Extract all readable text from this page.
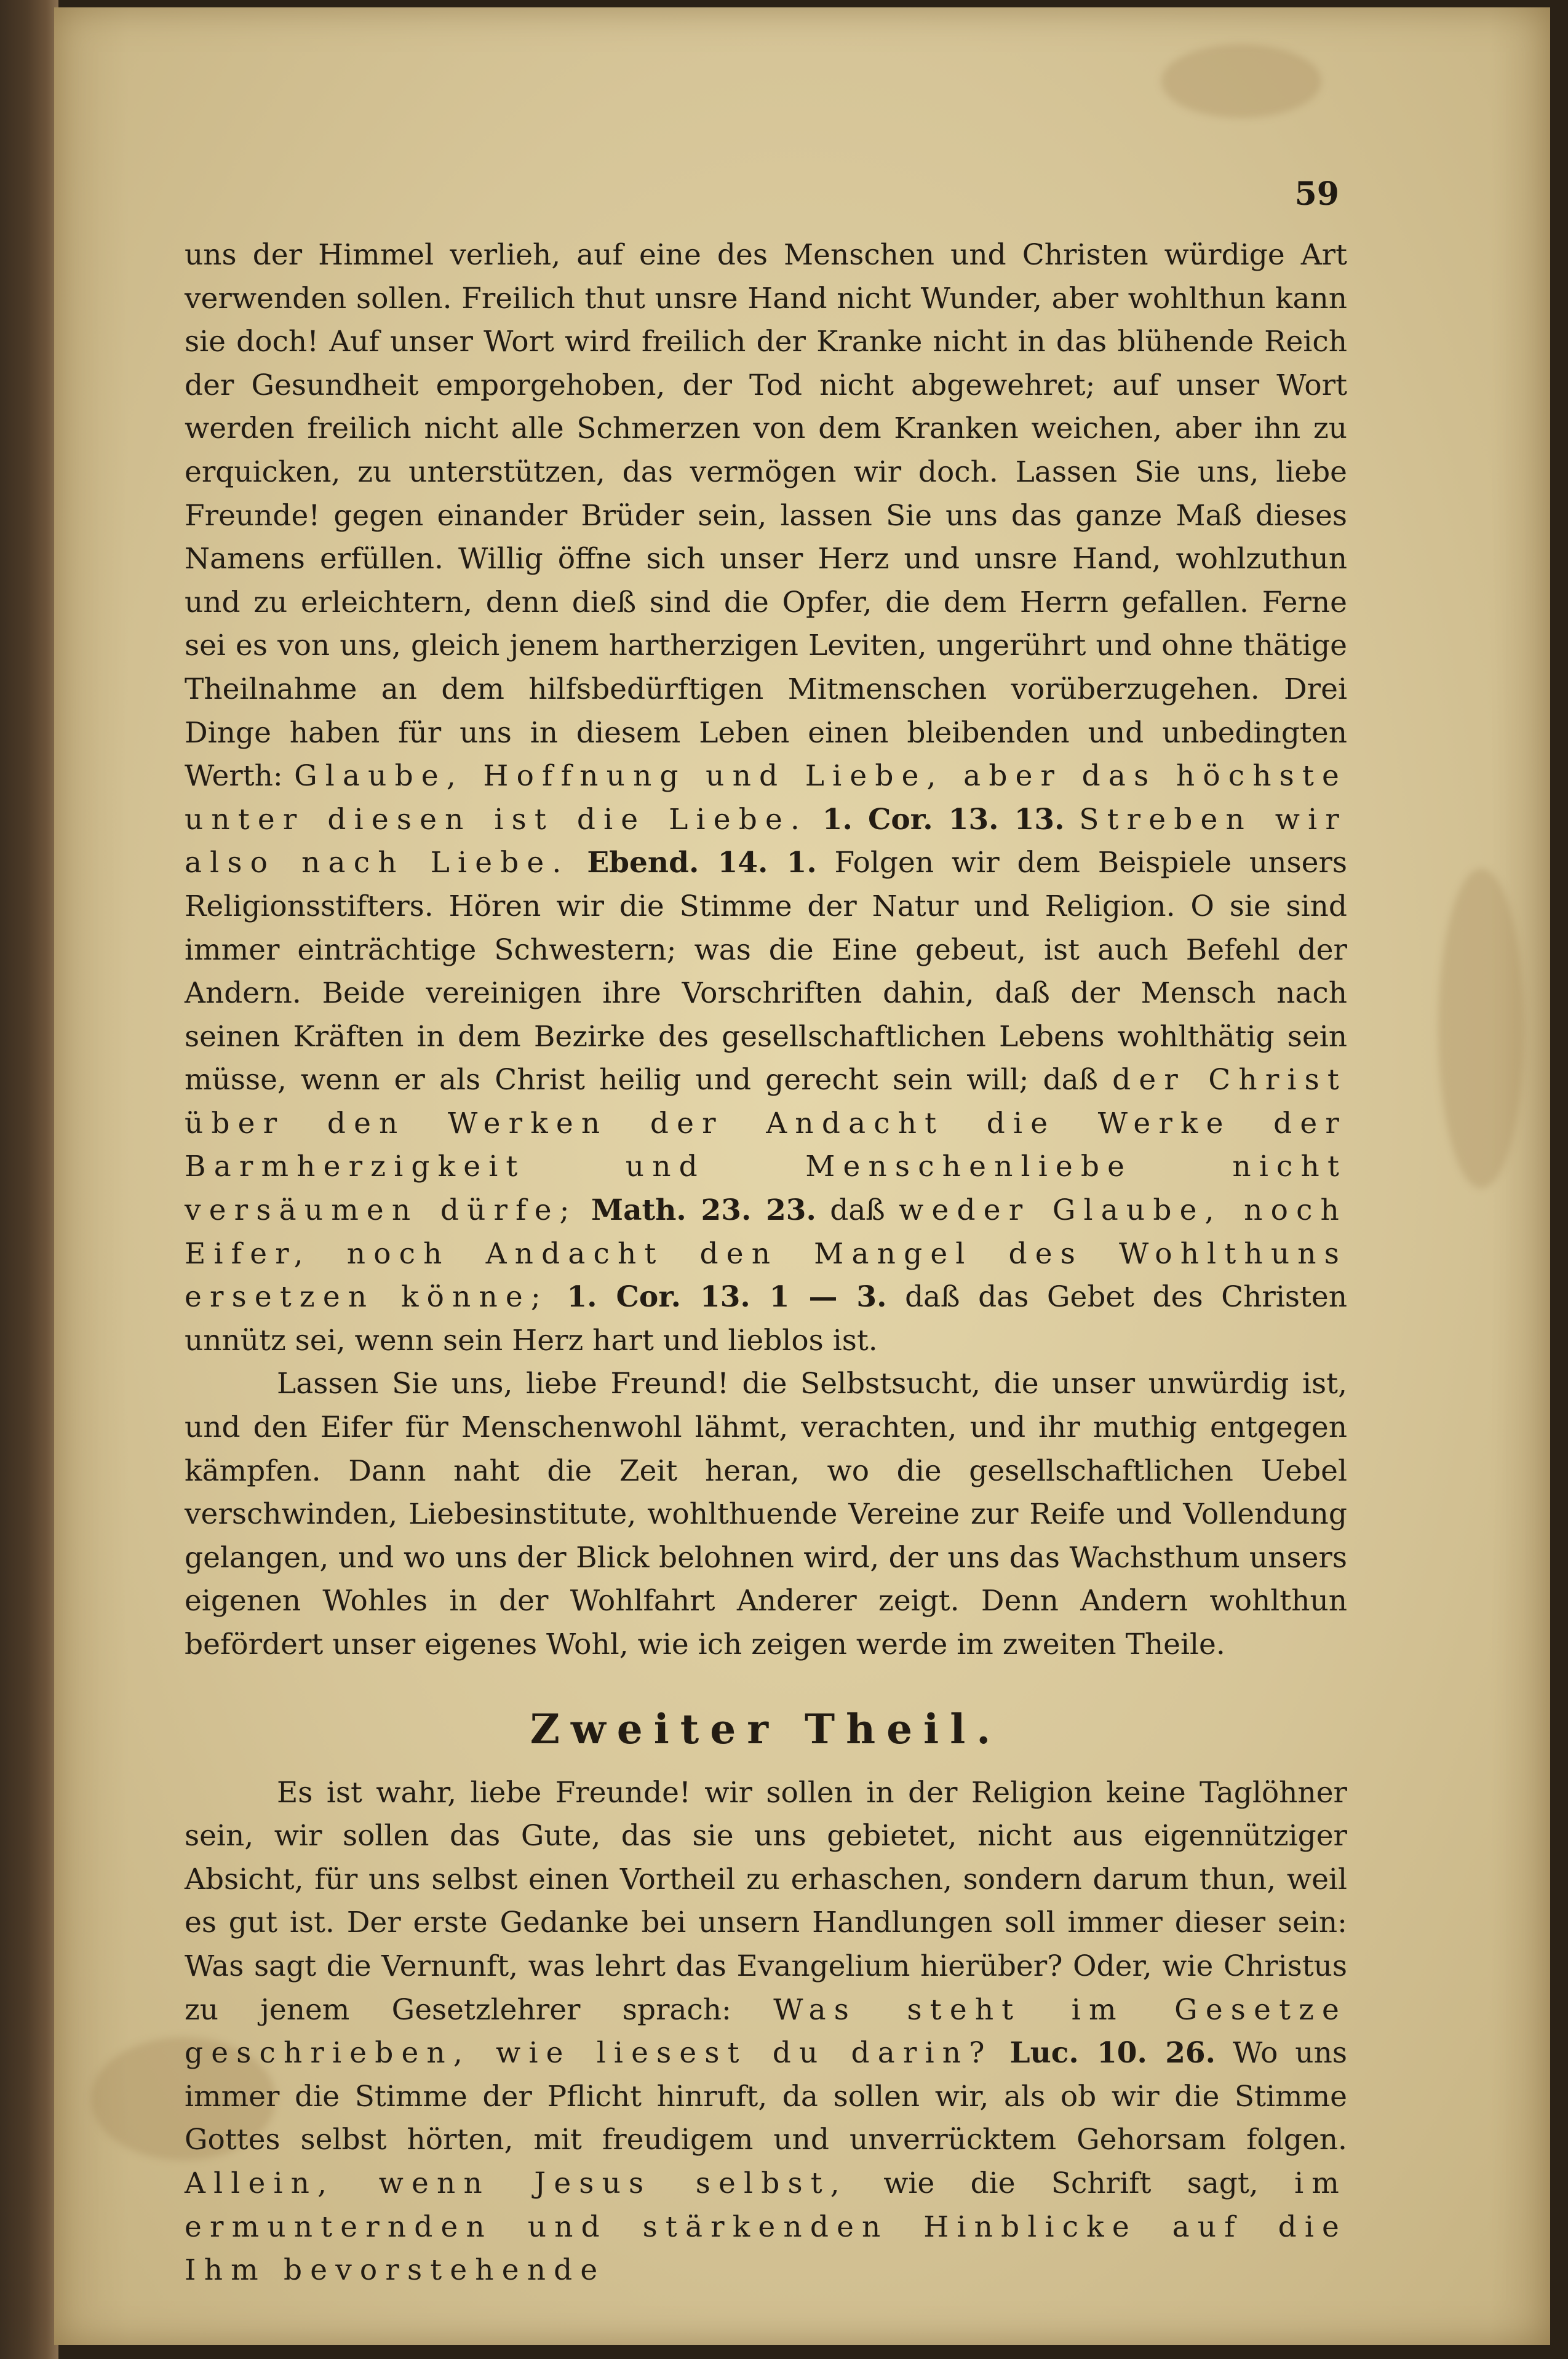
59

uns der Himmel verlieh, auf eine des Menschen und Christen würdige Art verwenden sollen. Freilich thut unsre Hand nicht Wunder, aber wohlthun kann sie doch! Auf unser Wort wird freilich der Kranke nicht in das blühende Reich der Gesundheit emporgehoben, der Tod nicht abgewehret; auf unser Wort werden freilich nicht alle Schmerzen von dem Kranken weichen, aber ihn zu erquicken, zu unterstützen, das vermögen wir doch. Lassen Sie uns, liebe Freunde! gegen einander Brüder sein, lassen Sie uns das ganze Maß dieses Namens erfüllen. Willig öffne sich unser Herz und unsre Hand, wohlzuthun und zu erleichtern, denn dieß sind die Opfer, die dem Herrn gefallen. Ferne sei es von uns, gleich jenem hartherzigen Leviten, ungerührt und ohne thätige Theilnahme an dem hilfsbedürftigen Mitmenschen vorüberzugehen. Drei Dinge haben für uns in diesem Leben einen bleibenden und unbedingten Werth: Glaube, Hoffnung und Liebe, aber das höchste unter diesen ist die Liebe. 1. Cor. 13. 13. Streben wir also nach Liebe. Ebend. 14. 1. Folgen wir dem Beispiele unsers Religionsstifters. Hören wir die Stimme der Natur und Religion. O sie sind immer einträchtige Schwestern; was die Eine gebeut, ist auch Befehl der Andern. Beide vereinigen ihre Vorschriften dahin, daß der Mensch nach seinen Kräften in dem Bezirke des gesellschaftlichen Lebens wohlthätig sein müsse, wenn er als Christ heilig und gerecht sein will; daß der Christ über den Werken der Andacht die Werke der Barmherzigkeit und Menschenliebe nicht versäumen dürfe; Math. 23. 23. daß weder Glaube, noch Eifer, noch Andacht den Mangel des Wohlthuns ersetzen könne; 1. Cor. 13. 1 — 3. daß das Gebet des Christen unnütz sei, wenn sein Herz hart und lieblos ist.

Lassen Sie uns, liebe Freund! die Selbstsucht, die unser unwürdig ist, und den Eifer für Menschenwohl lähmt, verachten, und ihr muthig entgegen kämpfen. Dann naht die Zeit heran, wo die gesellschaftlichen Uebel verschwinden, Liebesinstitute, wohlthuende Vereine zur Reife und Vollendung gelangen, und wo uns der Blick belohnen wird, der uns das Wachsthum unsers eigenen Wohles in der Wohlfahrt Anderer zeigt. Denn Andern wohlthun befördert unser eigenes Wohl, wie ich zeigen werde im zweiten Theile.

Zweiter Theil.

Es ist wahr, liebe Freunde! wir sollen in der Religion keine Taglöhner sein, wir sollen das Gute, das sie uns gebietet, nicht aus eigennütziger Absicht, für uns selbst einen Vortheil zu erhaschen, sondern darum thun, weil es gut ist. Der erste Gedanke bei unsern Handlungen soll immer dieser sein: Was sagt die Vernunft, was lehrt das Evangelium hierüber? Oder, wie Christus zu jenem Gesetzlehrer sprach: Was steht im Gesetze geschrieben, wie liesest du darin? Luc. 10. 26. Wo uns immer die Stimme der Pflicht hinruft, da sollen wir, als ob wir die Stimme Gottes selbst hörten, mit freudigem und unverrücktem Gehorsam folgen. Allein, wenn Jesus selbst, wie die Schrift sagt, im ermunternden und stärkenden Hinblicke auf die Ihm bevorstehende
